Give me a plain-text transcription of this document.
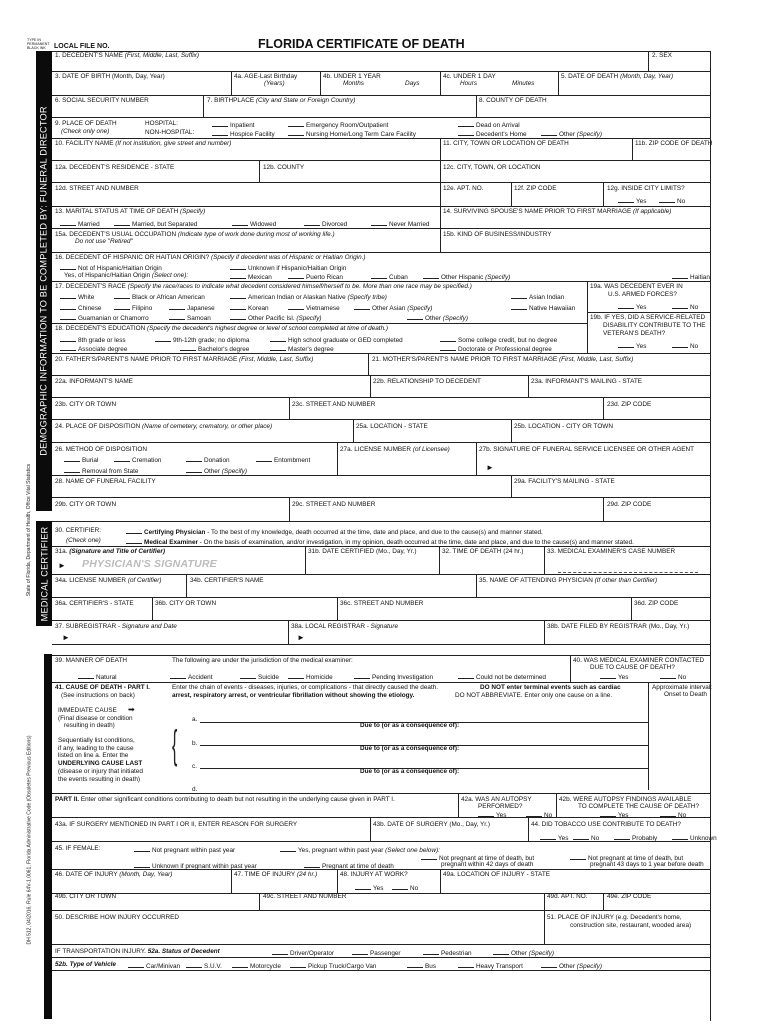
TYPE IN PERMANENT BLACK INK	LOCAL FILE NO.	FLORIDA CERTIFICATE OF DEATH
DEMOGRAPHIC INFORMATION TO BE COMPLETED BY: FUNERAL DIRECTOR
MEDICAL CERTIFIER
State of Florida, Department of Health, Office Vital Statistics
DH 512, 04/2016, Rule 64V-1.0061, Florida Administrative Code (Obsoletes Previous Editions)
1. DECEDENT'S NAME (First, Middle, Last, Suffix)	2. SEX
3. DATE OF BIRTH (Month, Day, Year)	4a. AGE-Last Birthday
(Years)
4b. UNDER 1 YEAR
Months	Days
4c. UNDER 1 DAY
Hours	Minutes
5. DATE OF DEATH (Month, Day, Year)
6. SOCIAL SECURITY NUMBER	7. BIRTHPLACE (City and State or Foreign Country)	8. COUNTY OF DEATH
9. PLACE OF DEATH
(Check only one)
HOSPITAL:
NON-HOSPITAL:
Inpatient	Emergency Room/Outpatient	Dead on Arrival
Hospice Facility	Nursing Home/Long Term Care Facility	Decedent's Home	Other (Specify)
10. FACILITY NAME (If not institution, give street and number)	11. CITY, TOWN OR LOCATION OF DEATH	11b. ZIP CODE OF DEATH
12a. DECEDENT'S RESIDENCE - STATE	12b. COUNTY	12c. CITY, TOWN, OR LOCATION
12d. STREET AND NUMBER	12e. APT. NO.	12f. ZIP CODE	12g. INSIDE CITY LIMITS?
Yes	No
13. MARITAL STATUS AT TIME OF DEATH (Specify)
Married	Married, but Separated	Widowed	Divorced	Never Married
14. SURVIVING SPOUSE'S NAME PRIOR TO FIRST MARRIAGE (If applicable)
15a. DECEDENT'S USUAL OCCUPATION (Indicate type of work done during most of working life.)
Do not use "Retired"
15b. KIND OF BUSINESS/INDUSTRY
16. DECEDENT OF HISPANIC OR HAITIAN ORIGIN? (Specify if decedent was of Hispanic or Haitian Origin.)
Not of Hispanic/Haitian Origin	Unknown if Hispanic/Haitian Origin
Yes, of Hispanic/Haitian Origin (Select one):	Mexican	Puerto Rican	Cuban	Other Hispanic (Specify)	Haitian
17. DECEDENT'S RACE (Specify the race/races to indicate what decedent considered himself/herself to be. More than one race may be specified.)	19a. WAS DECEDENT EVER IN
U.S. ARMED FORCES?
Yes	No
19b. IF YES, DID A SERVICE-RELATED
DISABILITY CONTRIBUTE TO THE
VETERAN'S DEATH?
Yes	No
White	Black or African American	American Indian or Alaskan Native (Specify tribe)	Asian Indian
Chinese	Filipino	Japanese	Korean	Vietnamese	Other Asian (Specify)	Native Hawaiian
Guamanian or Chamorro	Samoan	Other Pacific Isl. (Specify)	Other (Specify)
18. DECEDENT'S EDUCATION (Specify the decedent's highest degree or level of school completed at time of death.)
8th grade or less	9th-12th grade; no diploma	High school graduate or GED completed	Some college credit, but no degree
Associate degree	Bachelor's degree	Master's degree	Doctorate or Professional degree
20. FATHER'S/PARENT'S NAME PRIOR TO FIRST MARRIAGE (First, Middle, Last, Suffix)	21. MOTHER'S/PARENT'S NAME PRIOR TO FIRST MARRIAGE (First, Middle, Last, Suffix)
22a. INFORMANT'S NAME	22b. RELATIONSHIP TO DECEDENT	23a. INFORMANT'S MAILING - STATE
23b. CITY OR TOWN	23c. STREET AND NUMBER	23d. ZIP CODE
24. PLACE OF DISPOSITION (Name of cemetery, crematory, or other place)	25a. LOCATION - STATE	25b. LOCATION - CITY OR TOWN
26. METHOD OF DISPOSITION
Burial	Cremation	Donation	Entombment
Removal from State	Other (Specify)
27a. LICENSE NUMBER (of Licensee)	27b. SIGNATURE OF FUNERAL SERVICE LICENSEE OR OTHER AGENT
►
28. NAME OF FUNERAL FACILITY	29a. FACILITY'S MAILING - STATE
29b. CITY OR TOWN	29c. STREET AND NUMBER	29d. ZIP CODE
30. CERTIFIER:	Certifying Physician - To the best of my knowledge, death occurred at the time, date and place, and due to the cause(s) and manner stated.
(Check one)	Medical Examiner - On the basis of examination, and/or investigation, in my opinion, death occurred at the time, date and place, and due to the cause(s) and manner stated.
31a. (Signature and Title of Certifier)
► PHYSICIAN'S SIGNATURE
31b. DATE CERTIFIED (Mo., Day, Yr.)	32. TIME OF DEATH (24 hr.)	33. MEDICAL EXAMINER'S CASE NUMBER
34a. LICENSE NUMBER (of Certifier)	34b. CERTIFIER'S NAME	35. NAME OF ATTENDING PHYSICIAN (If other than Certifier)
36a. CERTIFIER'S - STATE	36b. CITY OR TOWN	36c. STREET AND NUMBER	36d. ZIP CODE
37. SUBREGISTRAR - Signature and Date
►
38a. LOCAL REGISTRAR - Signature
►
38b. DATE FILED BY REGISTRAR (Mo., Day, Yr.)
39. MANNER OF DEATH	The following are under the jurisdiction of the medical examiner:
Natural	Accident	Suicide	Homicide	Pending Investigation	Could not be determined
40. WAS MEDICAL EXAMINER CONTACTED
DUE TO CAUSE OF DEATH?
Yes	No
41. CAUSE OF DEATH - PART I.	Enter the chain of events - diseases, injuries, or complications - that directly caused the death.	DO NOT enter terminal events such as cardiac
(See instructions on back)	arrest, respiratory arrest, or ventricular fibrillation without showing the etiology.	DO NOT ABBREVIATE. Enter only one cause on a line.
Approximate interval:
Onset to Death
IMMEDIATE CAUSE ➡
(Final disease or condition
resulting in death)
Sequentially list conditions,
if any, leading to the cause
listed on line a. Enter the
UNDERLYING CAUSE LAST
(disease or injury that initiated
the events resulting in death)
{
a.
Due to (or as a consequence of):
b.
Due to (or as a consequence of):
c.
Due to (or as a consequence of):
d.
PART II. Enter other significant conditions contributing to death but not resulting in the underlying cause given in PART I.	42a. WAS AN AUTOPSY
PERFORMED?
Yes	No
42b. WERE AUTOPSY FINDINGS AVAILABLE
TO COMPLETE THE CAUSE OF DEATH?
Yes	No
43a. IF SURGERY MENTIONED IN PART I OR II, ENTER REASON FOR SURGERY	43b. DATE OF SURGERY (Mo., Day, Yr.)	44. DID TOBACCO USE CONTRIBUTE TO DEATH?
Yes	No	Probably	Unknown
45. IF FEMALE:	Not pregnant within past year	Yes, pregnant within past year (Select one below):
Unknown if pregnant within past year	Pregnant at time of death
Not pregnant at time of death, but
pregnant within 42 days of death
Not pregnant at time of death, but
pregnant 43 days to 1 year before death
46. DATE OF INJURY (Month, Day, Year)	47. TIME OF INJURY (24 hr.)	48. INJURY AT WORK?
Yes	No
49a. LOCATION OF INJURY - STATE
49b. CITY OR TOWN	49c. STREET AND NUMBER	49d. APT. NO.	49e. ZIP CODE
50. DESCRIBE HOW INJURY OCCURRED	51. PLACE OF INJURY (e.g. Decedent's home,
construction site, restaurant, wooded area)
IF TRANSPORTATION INJURY. 52a. Status of Decedent	Driver/Operator	Passenger	Pedestrian	Other (Specify)
52b. Type of Vehicle	Car/Minivan	S.U.V.	Motorcycle	Pickup Truck/Cargo Van	Bus	Heavy Transport	Other (Specify)
